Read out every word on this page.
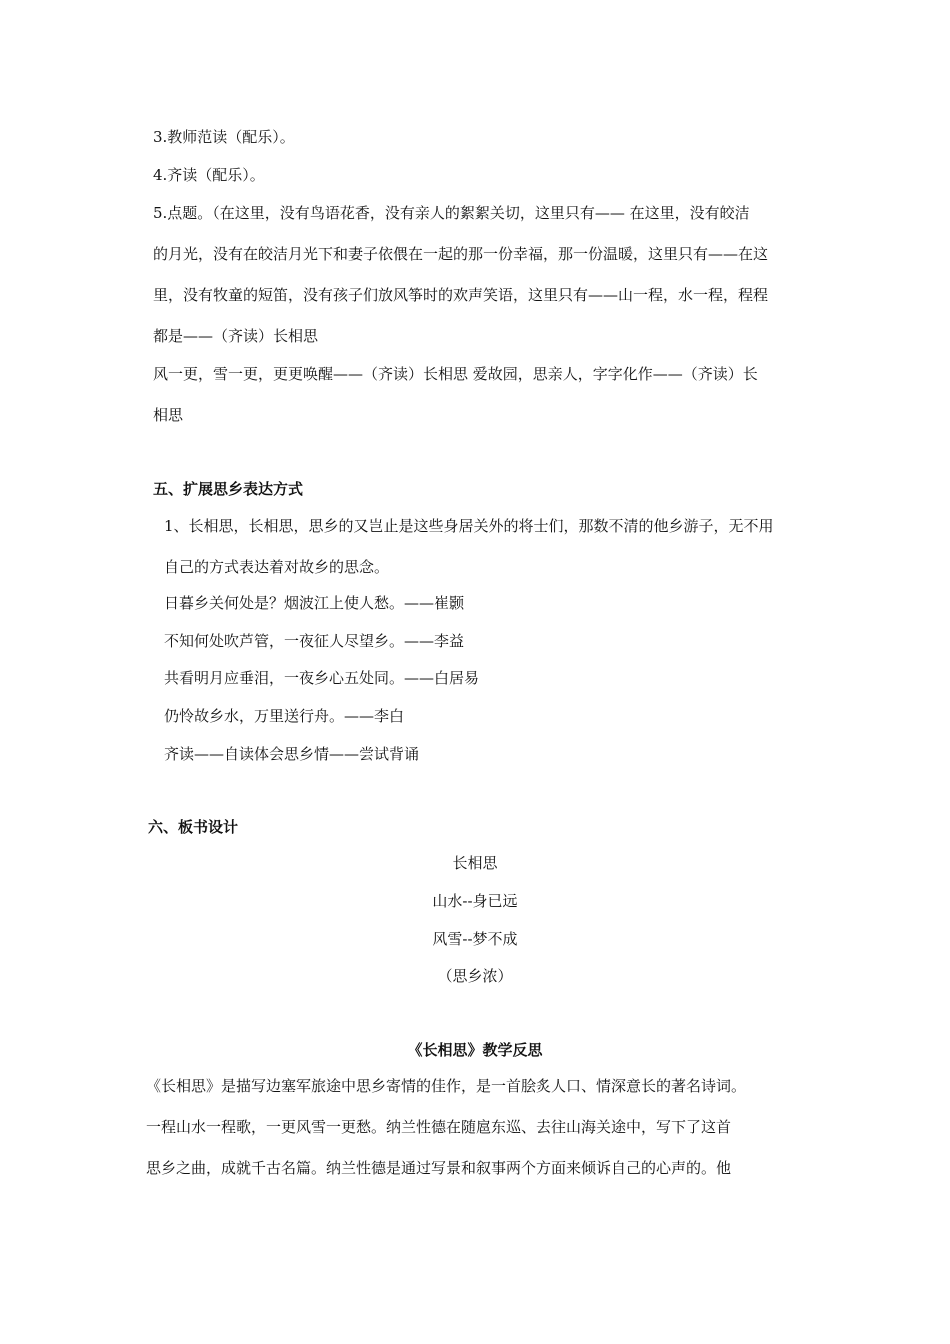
3.教师范读（配乐）。
4.齐读（配乐）。
5.点题。（在这里，没有鸟语花香，没有亲人的絮絮关切，这里只有—— 在这里，没有皎洁
的月光，没有在皎洁月光下和妻子依偎在一起的那一份幸福，那一份温暖，这里只有——在这
里，没有牧童的短笛，没有孩子们放风筝时的欢声笑语，这里只有——山一程，水一程，程程
都是——（齐读）长相思
风一更，雪一更，更更唤醒——（齐读）长相思 爱故园，思亲人，字字化作——（齐读）长
相思
五、扩展思乡表达方式
1、长相思，长相思，思乡的又岂止是这些身居关外的将士们，那数不清的他乡游子，无不用
自己的方式表达着对故乡的思念。
日暮乡关何处是？烟波江上使人愁。——崔颢
不知何处吹芦管，一夜征人尽望乡。——李益
共看明月应垂泪，一夜乡心五处同。——白居易
仍怜故乡水，万里送行舟。——李白
齐读——自读体会思乡情——尝试背诵
六、板书设计
长相思
山水--身已远
风雪--梦不成
（思乡浓）
《长相思》教学反思
《长相思》是描写边塞军旅途中思乡寄情的佳作，是一首脍炙人口、情深意长的著名诗词。
一程山水一程歌，一更风雪一更愁。纳兰性德在随扈东巡、去往山海关途中，写下了这首
思乡之曲，成就千古名篇。纳兰性德是通过写景和叙事两个方面来倾诉自己的心声的。他
